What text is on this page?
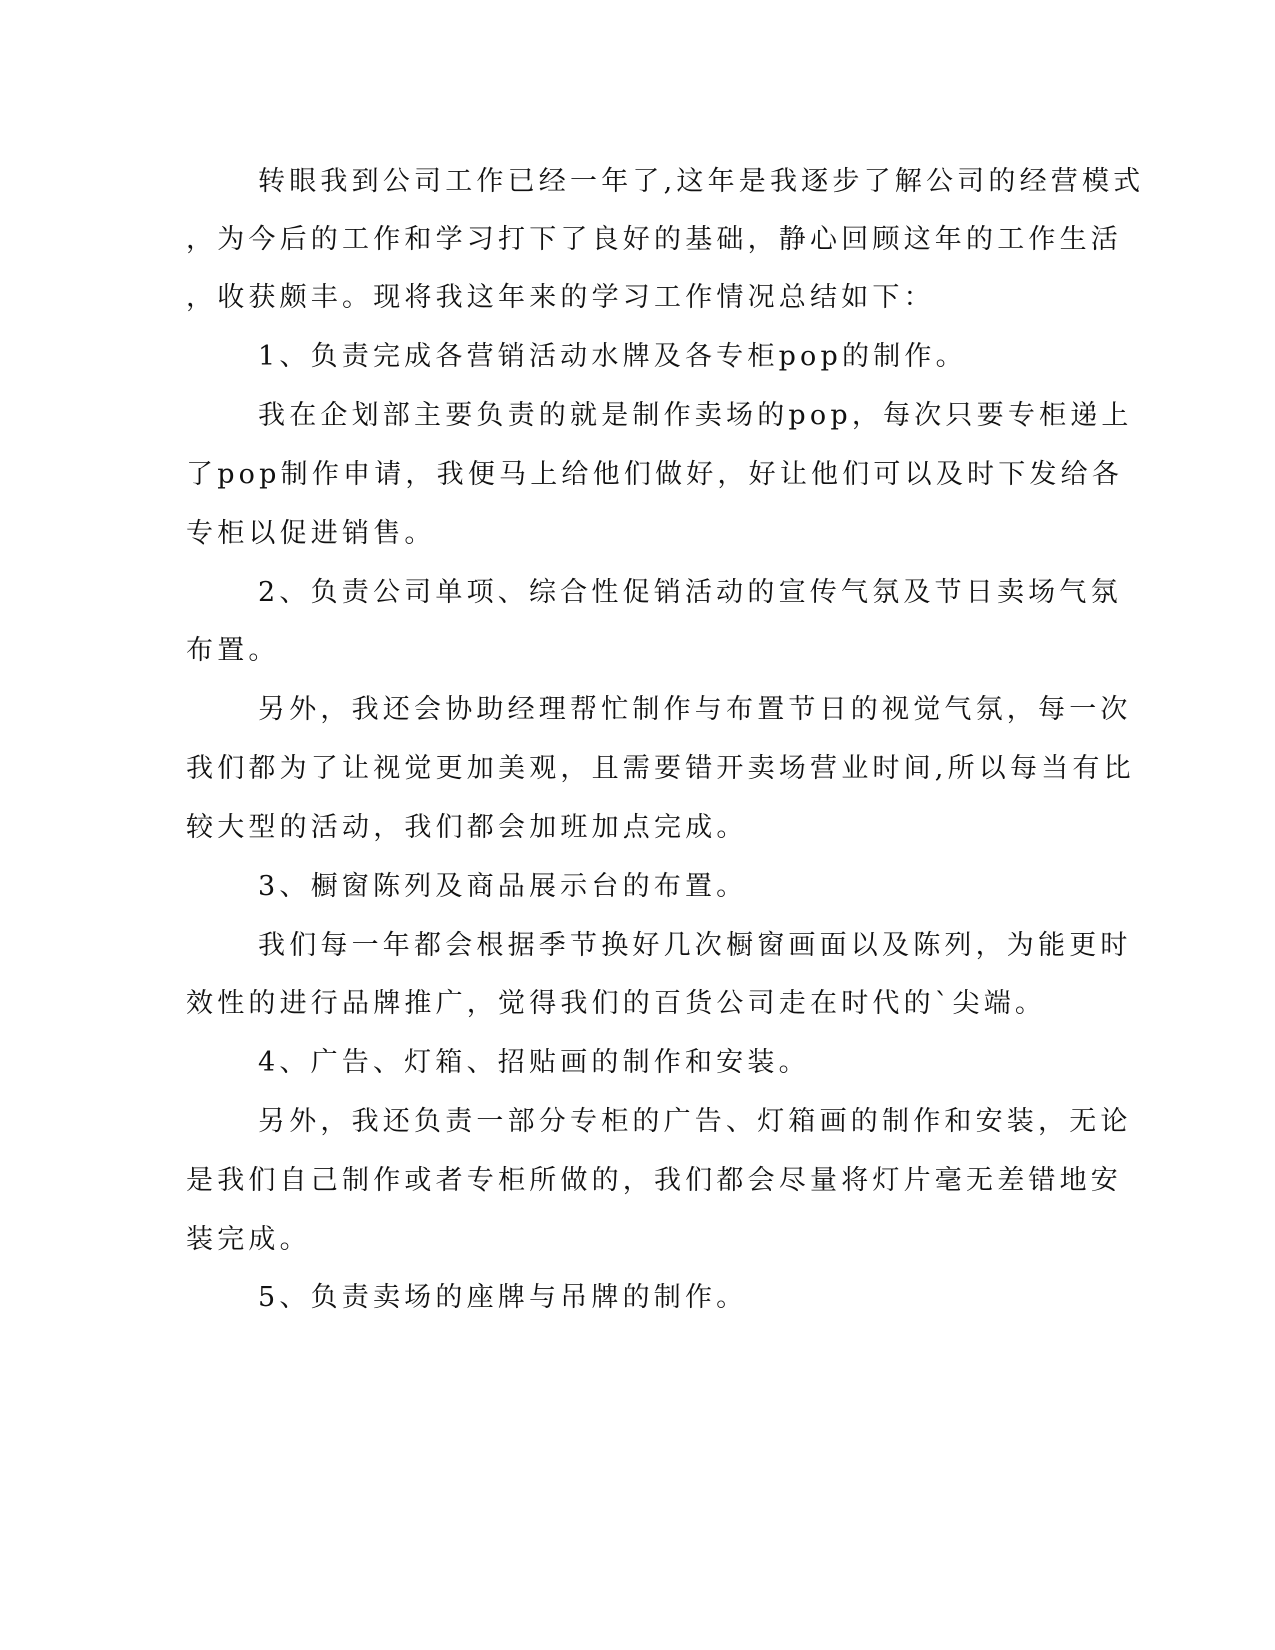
转眼我到公司工作已经一年了,这年是我逐步了解公司的经营模式
，为今后的工作和学习打下了良好的基础，静心回顾这年的工作生活
，收获颇丰。现将我这年来的学习工作情况总结如下：
1、负责完成各营销活动水牌及各专柜pop的制作。
我在企划部主要负责的就是制作卖场的pop，每次只要专柜递上
了pop制作申请，我便马上给他们做好，好让他们可以及时下发给各
专柜以促进销售。
2、负责公司单项、综合性促销活动的宣传气氛及节日卖场气氛
布置。
另外，我还会协助经理帮忙制作与布置节日的视觉气氛，每一次
我们都为了让视觉更加美观，且需要错开卖场营业时间,所以每当有比
较大型的活动，我们都会加班加点完成。
3、橱窗陈列及商品展示台的布置。
我们每一年都会根据季节换好几次橱窗画面以及陈列，为能更时
效性的进行品牌推广，觉得我们的百货公司走在时代的`尖端。
4、广告、灯箱、招贴画的制作和安装。
另外，我还负责一部分专柜的广告、灯箱画的制作和安装，无论
是我们自己制作或者专柜所做的，我们都会尽量将灯片毫无差错地安
装完成。
5、负责卖场的座牌与吊牌的制作。
